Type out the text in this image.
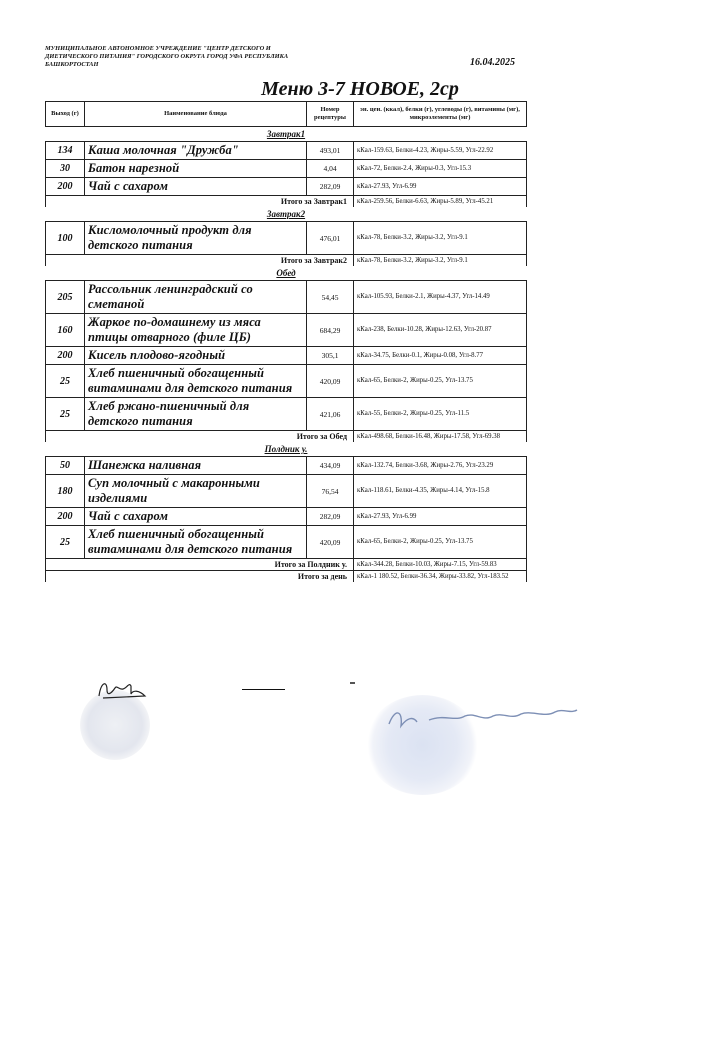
МУНИЦИПАЛЬНОЕ АВТОНОМНОЕ УЧРЕЖДЕНИЕ "ЦЕНТР ДЕТСКОГО И ДИЕТИЧЕСКОГО ПИТАНИЯ" ГОРОДСКОГО ОКРУГА ГОРОД УФА РЕСПУБЛИКА БАШКОРТОСТАН	16.04.2025
Меню 3-7 НОВОЕ, 2ср
Выход (г)	Наименование блюда	Номер рецептуры	эн. цен. (ккал), белки (г), углеводы (г), витамины (мг), микроэлементы (мг)
Завтрак1			
134	Каша молочная "Дружба"	493,01	кКал-159.63, Белки-4.23, Жиры-5.59, Угл-22.92
30	Батон нарезной	4,04	кКал-72, Белки-2.4, Жиры-0.3, Угл-15.3
200	Чай с сахаром	282,09	кКал-27.93, Угл-6.99
Итого за Завтрак1			кКал-259.56, Белки-6.63, Жиры-5.89, Угл-45.21
Завтрак2			
100	Кисломолочный продукт для детского питания	476,01	кКал-78, Белки-3.2, Жиры-3.2, Угл-9.1
Итого за Завтрак2			кКал-78, Белки-3.2, Жиры-3.2, Угл-9.1
Обед			
205	Рассольник ленинградский со сметаной	54,45	кКал-105.93, Белки-2.1, Жиры-4.37, Угл-14.49
160	Жаркое по-домашнему из мяса птицы отварного (филе ЦБ)	684,29	кКал-238, Белки-10.28, Жиры-12.63, Угл-20.87
200	Кисель плодово-ягодный	305,1	кКал-34.75, Белки-0.1, Жиры-0.08, Угл-8.77
25	Хлеб пшеничный обогащенный витаминами для детского питания	420,09	кКал-65, Белки-2, Жиры-0.25, Угл-13.75
25	Хлеб ржано-пшеничный для детского питания	421,06	кКал-55, Белки-2, Жиры-0.25, Угл-11.5
Итого за Обед			кКал-498.68, Белки-16.48, Жиры-17.58, Угл-69.38
Полдник у.			
50	Шанежка наливная	434,09	кКал-132.74, Белки-3.68, Жиры-2.76, Угл-23.29
180	Суп молочный с макаронными изделиями	76,54	кКал-118.61, Белки-4.35, Жиры-4.14, Угл-15.8
200	Чай с сахаром	282,09	кКал-27.93, Угл-6.99
25	Хлеб пшеничный обогащенный витаминами для детского питания	420,09	кКал-65, Белки-2, Жиры-0.25, Угл-13.75
Итого за Полдник у.			кКал-344.28, Белки-10.03, Жиры-7.15, Угл-59.83
Итого за день			кКал-1 180.52, Белки-36.34, Жиры-33.82, Угл-183.52
